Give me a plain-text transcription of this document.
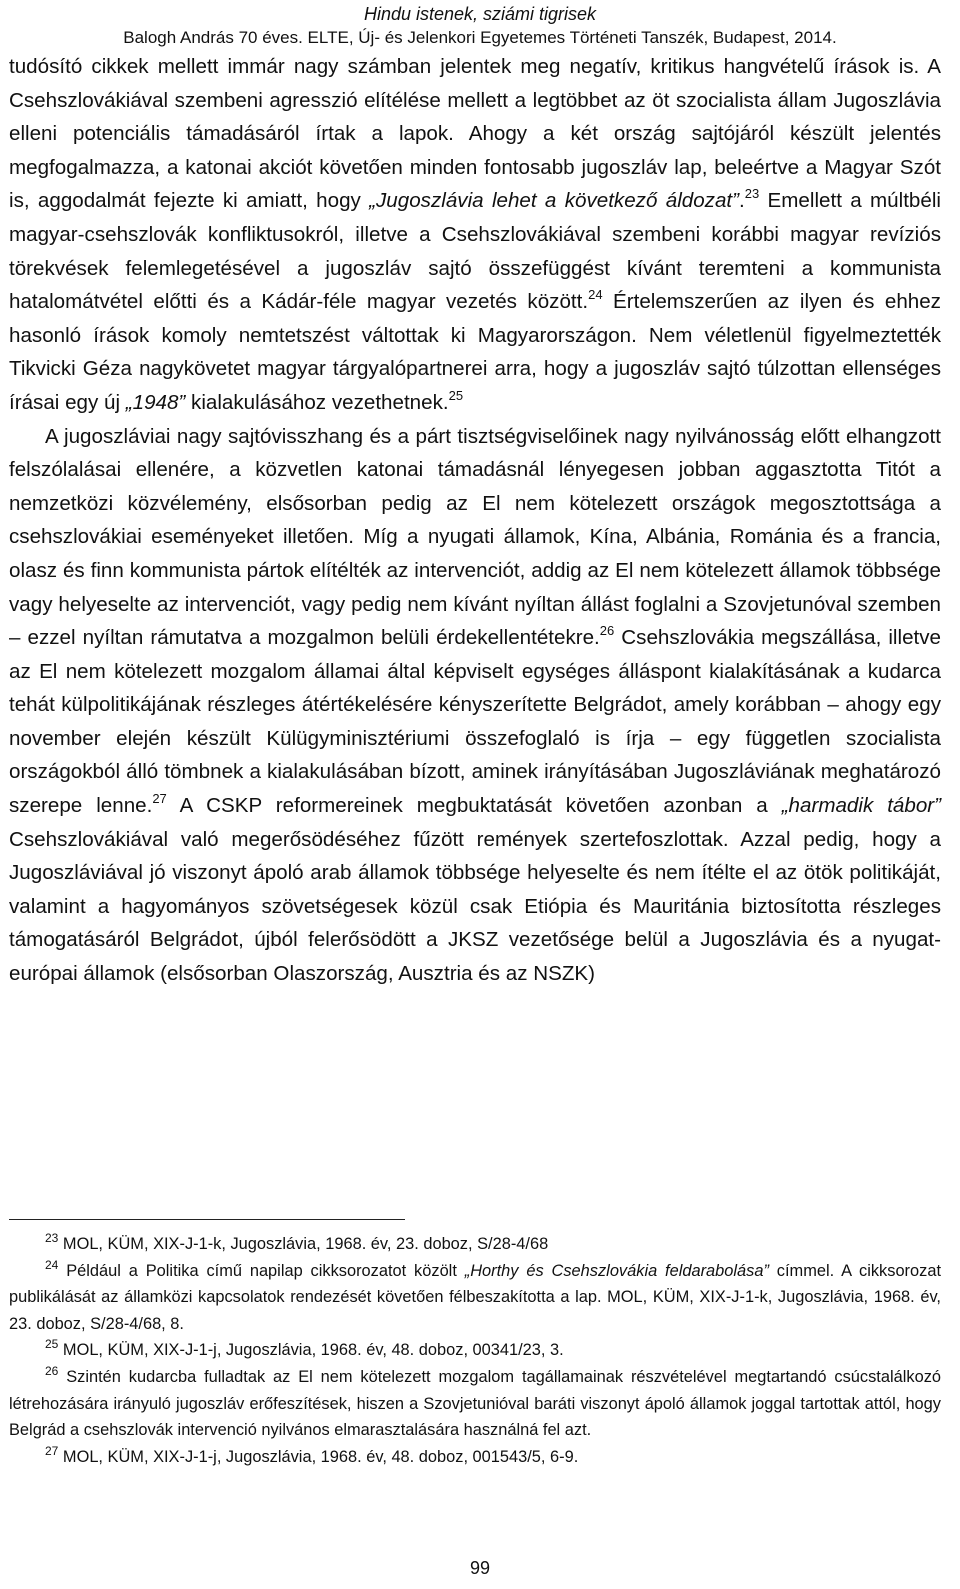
Hindu istenek, sziámi tigrisek
Balogh András 70 éves. ELTE, Új- és Jelenkori Egyetemes Történeti Tanszék, Budapest, 2014.

tudósító cikkek mellett immár nagy számban jelentek meg negatív, kritikus hangvételű írások is. A Csehszlovákiával szembeni agresszió elítélése mellett a legtöbbet az öt szocialista állam Jugoszlávia elleni potenciális támadásáról írtak a lapok. Ahogy a két ország sajtójáról készült jelentés megfogalmazza, a katonai akciót követően minden fontosabb jugoszláv lap, beleértve a Magyar Szót is, aggodalmát fejezte ki amiatt, hogy „Jugoszlávia lehet a következő áldozat”.$^{23}$ Emellett a múltbéli magyar-csehszlovák konfliktusokról, illetve a Csehszlovákiával szembeni korábbi magyar revíziós törekvések felemlegetésével a jugoszláv sajtó összefüggést kívánt teremteni a kommunista hatalomátvétel előtti és a Kádár-féle magyar vezetés között.$^{24}$ Értelemszerűen az ilyen és ehhez hasonló írások komoly nemtetszést váltottak ki Magyarországon. Nem véletlenül figyelmeztették Tikvicki Géza nagykövetet magyar tárgyalópartnerei arra, hogy a jugoszláv sajtó túlzottan ellenséges írásai egy új „1948” kialakulásához vezethetnek.$^{25}$

A jugoszláviai nagy sajtóvisszhang és a párt tisztségviselőinek nagy nyilvánosság előtt elhangzott felszólalásai ellenére, a közvetlen katonai támadásnál lényegesen jobban aggasztotta Titót a nemzetközi közvélemény, elsősorban pedig az El nem kötelezett országok megosztottsága a csehszlovákiai eseményeket illetően. Míg a nyugati államok, Kína, Albánia, Románia és a francia, olasz és finn kommunista pártok elítélték az intervenciót, addig az El nem kötelezett államok többsége vagy helyeselte az intervenciót, vagy pedig nem kívánt nyíltan állást foglalni a Szovjetunóval szemben – ezzel nyíltan rámutatva a mozgalmon belüli érdekellentétekre.$^{26}$ Csehszlovákia megszállása, illetve az El nem kötelezett mozgalom államai által képviselt egységes álláspont kialakításának a kudarca tehát külpolitikájának részleges átértékelésére kényszerítette Belgrádot, amely korábban – ahogy egy november elején készült Külügyminisztériumi összefoglaló is írja – egy független szocialista országokból álló tömbnek a kialakulásában bízott, aminek irányításában Jugoszláviának meghatározó szerepe lenne.$^{27}$ A CSKP reformereinek megbuktatását követően azonban a „harmadik tábor” Csehszlovákiával való megerősödéséhez fűzött remények szertefoszlottak. Azzal pedig, hogy a Jugoszláviával jó viszonyt ápoló arab államok többsége helyeselte és nem ítélte el az ötök politikáját, valamint a hagyományos szövetségesek közül csak Etiópia és Mauritánia biztosította részleges támogatásáról Belgrádot, újból felerősödött a JKSZ vezetősége belül a Jugoszlávia és a nyugat-európai államok (elsősorban Olaszország, Ausztria és az NSZK)

$^{23}$ MOL, KÜM, XIX-J-1-k, Jugoszlávia, 1968. év, 23. doboz, S/28-4/68

$^{24}$ Például a Politika című napilap cikksorozatot közölt „Horthy és Csehszlovákia feldarabolása” címmel. A cikksorozat publikálását az államközi kapcsolatok rendezését követően félbeszakította a lap. MOL, KÜM, XIX-J-1-k, Jugoszlávia, 1968. év, 23. doboz, S/28-4/68, 8.

$^{25}$ MOL, KÜM, XIX-J-1-j, Jugoszlávia, 1968. év, 48. doboz, 00341/23, 3.

$^{26}$ Szintén kudarcba fulladtak az El nem kötelezett mozgalom tagállamainak részvételével megtartandó csúcstalálkozó létrehozására irányuló jugoszláv erőfeszítések, hiszen a Szovjetunióval baráti viszonyt ápoló államok joggal tartottak attól, hogy Belgrád a csehszlovák intervenció nyilvános elmarasztalására használná fel azt.

$^{27}$ MOL, KÜM, XIX-J-1-j, Jugoszlávia, 1968. év, 48. doboz, 001543/5, 6-9.

99
